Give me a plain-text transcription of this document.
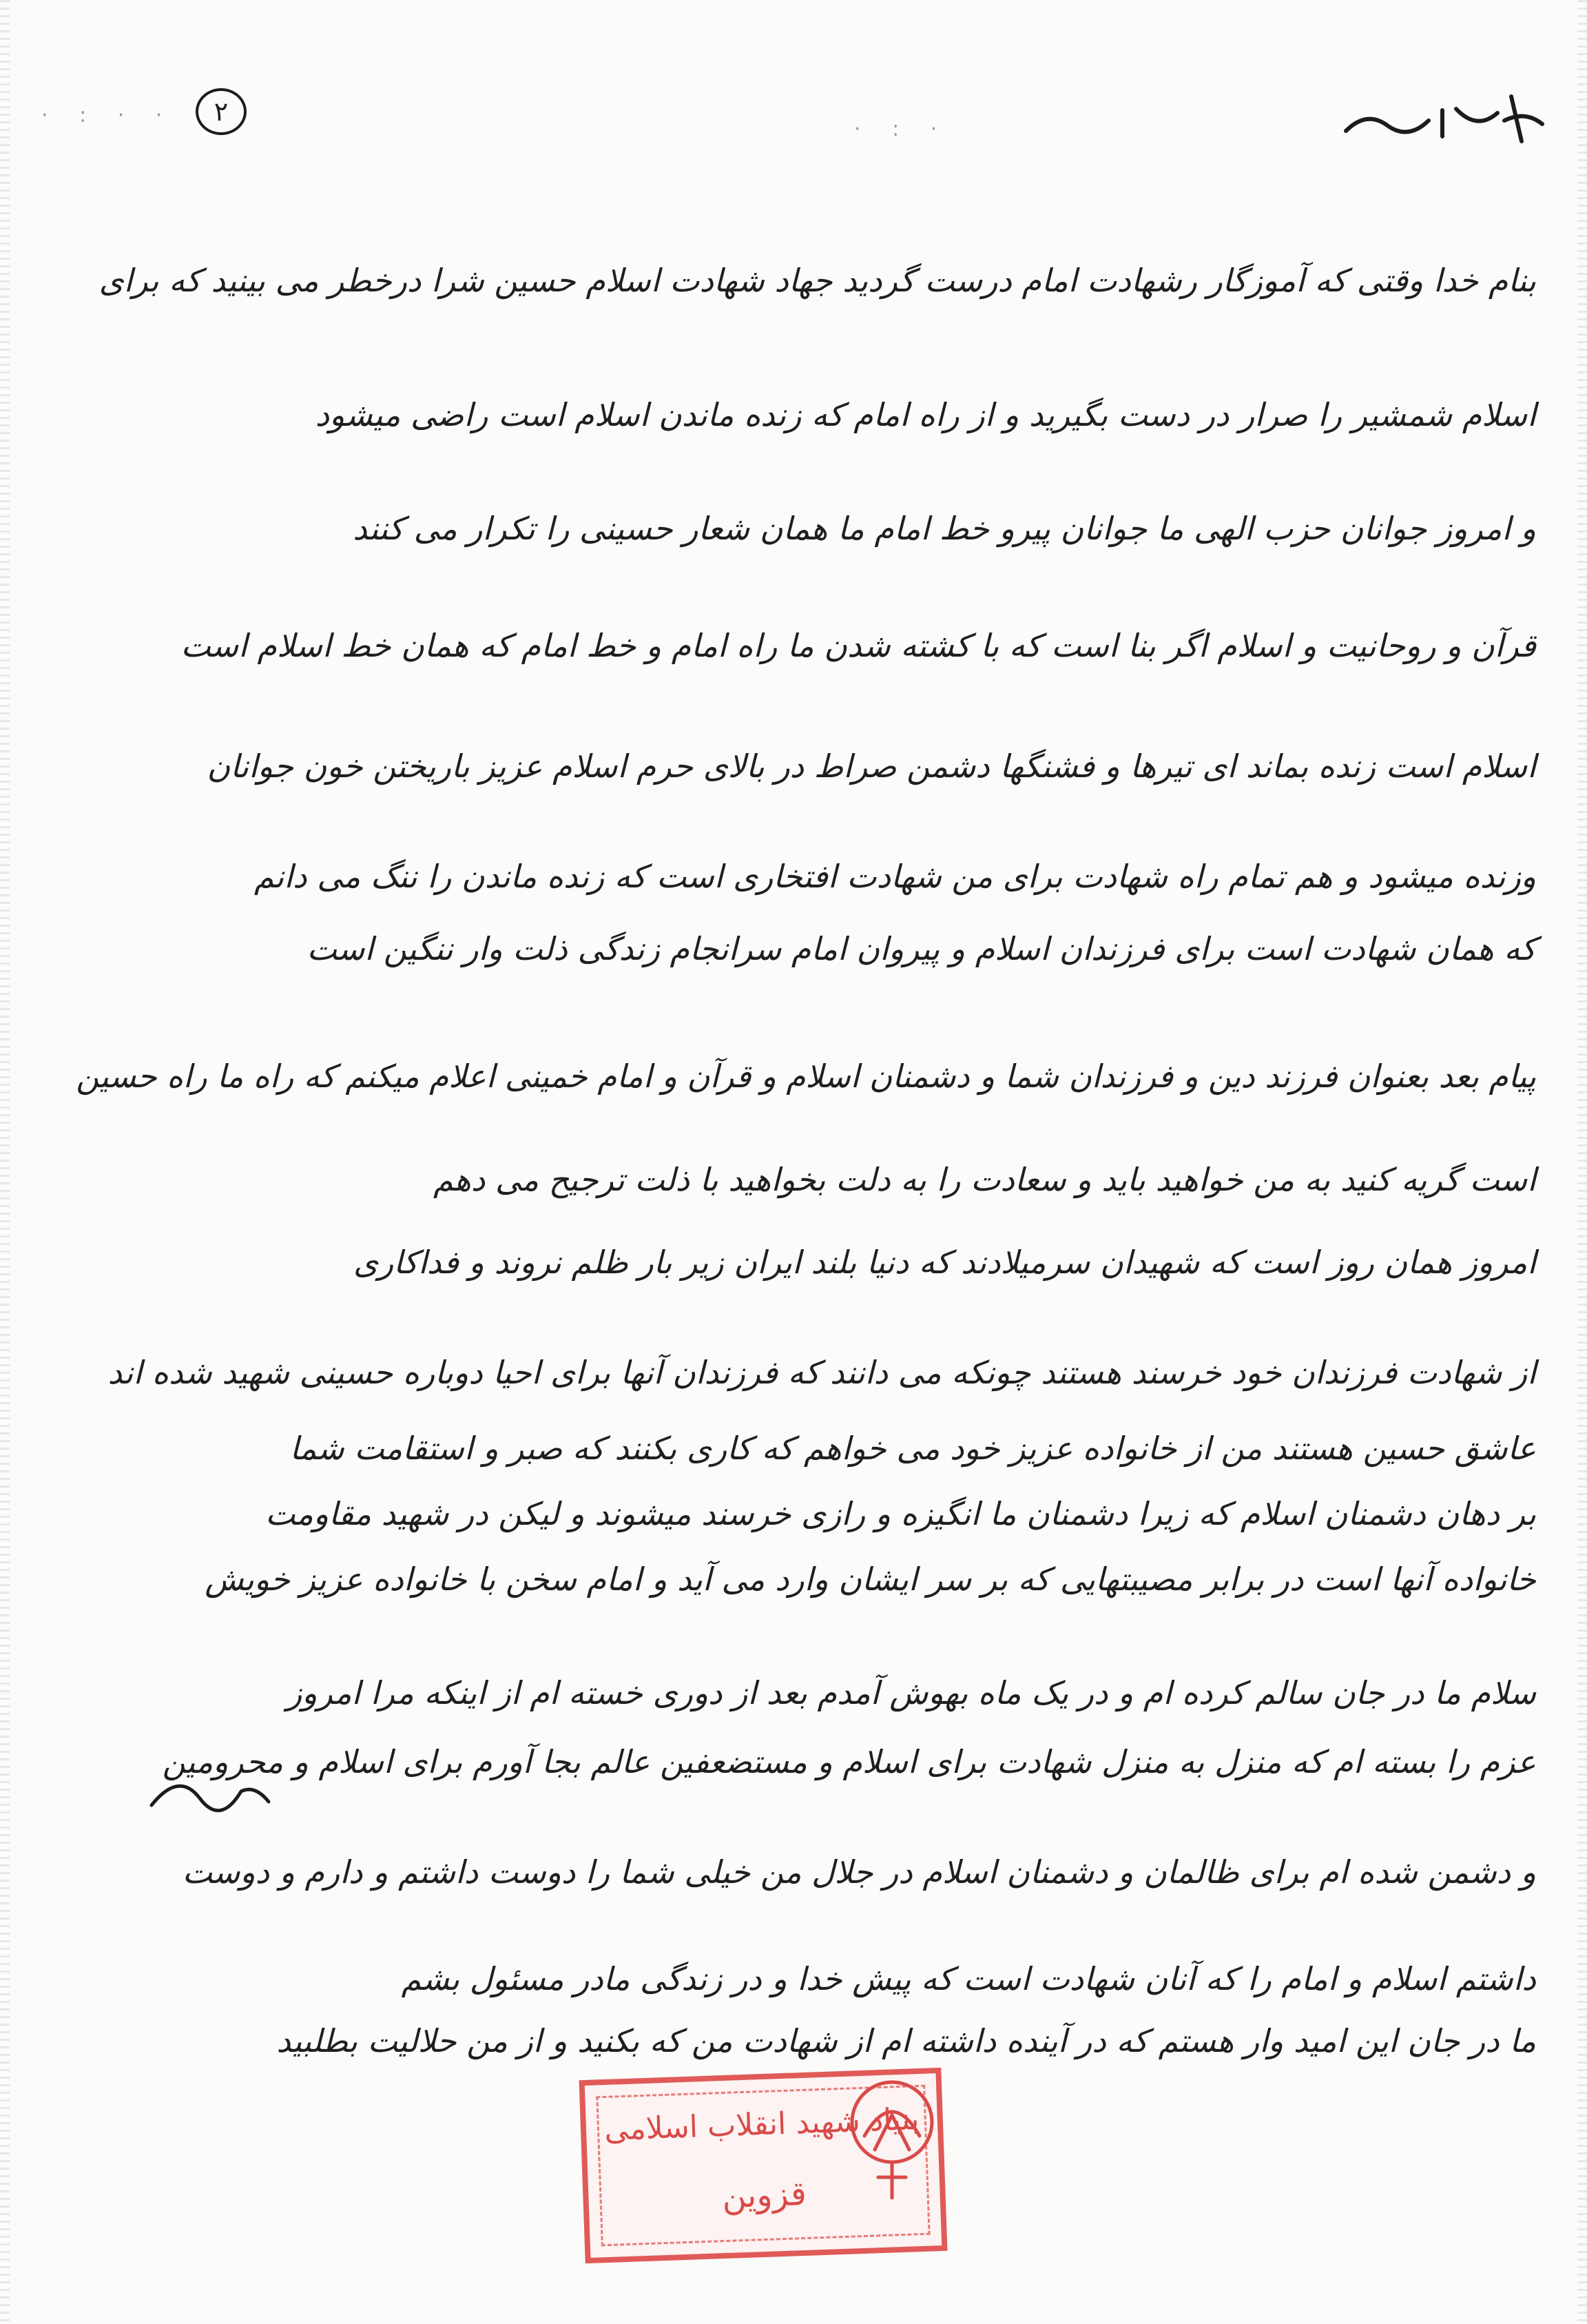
· : · ·
· : ·
۲
بنام خدا وقتی که آموزگار رشهادت امام درست گردید جهاد شهادت اسلام حسین شرا درخطر می بینید که برای
اسلام شمشیر را صرار در دست بگیرید و از راه امام که زنده ماندن اسلام است راضی میشود
و امروز جوانان حزب الهی ما جوانان پیرو خط امام ما همان شعار حسینی را تکرار می کنند
قرآن و روحانیت و اسلام اگر بنا است که با کشته شدن ما راه امام و خط امام که همان خط اسلام است
اسلام است زنده بماند ای تیرها و فشنگها دشمن صراط در بالای حرم اسلام عزیز باریختن خون جوانان
وزنده میشود و هم تمام راه شهادت برای من شهادت افتخاری است که زنده ماندن را ننگ می دانم
که همان شهادت است برای فرزندان اسلام و پیروان امام سرانجام زندگی ذلت وار ننگین است
پیام بعد بعنوان فرزند دین و فرزندان شما و دشمنان اسلام و قرآن و امام خمینی اعلام میکنم که راه ما راه حسین
است گریه کنید به من خواهید باید و سعادت را به دلت بخواهید با ذلت ترجیح می دهم
امروز همان روز است که شهیدان سرمیلادند که دنیا بلند ایران زیر بار ظلم نروند و فداکاری
از شهادت فرزندان خود خرسند هستند چونکه می دانند که فرزندان آنها برای احیا دوباره حسینی شهید شده اند
عاشق حسین هستند من از خانواده عزیز خود می خواهم که کاری بکنند که صبر و استقامت شما
بر دهان دشمنان اسلام که زیرا دشمنان ما انگیزه و رازی خرسند میشوند و لیکن در شهید مقاومت
خانواده آنها است در برابر مصیبتهایی که بر سر ایشان وارد می آید و امام سخن با خانواده عزیز خویش
سلام ما در جان سالم کرده ام و در یک ماه بهوش آمدم بعد از دوری خسته ام از اینکه مرا امروز
عزم را بسته ام که منزل به منزل شهادت برای اسلام و مستضعفین عالم بجا آورم برای اسلام و محرومین
و دشمن شده ام برای ظالمان و دشمنان اسلام در جلال من خیلی شما را دوست داشتم و دارم و دوست
داشتم اسلام و امام را که آنان شهادت است که پیش خدا و در زندگی مادر مسئول بشم
ما در جان این امید وار هستم که در آینده داشته ام از شهادت من که بکنید و از من حلالیت بطلبید
بنیاد شهید انقلاب اسلامی
قزوین
